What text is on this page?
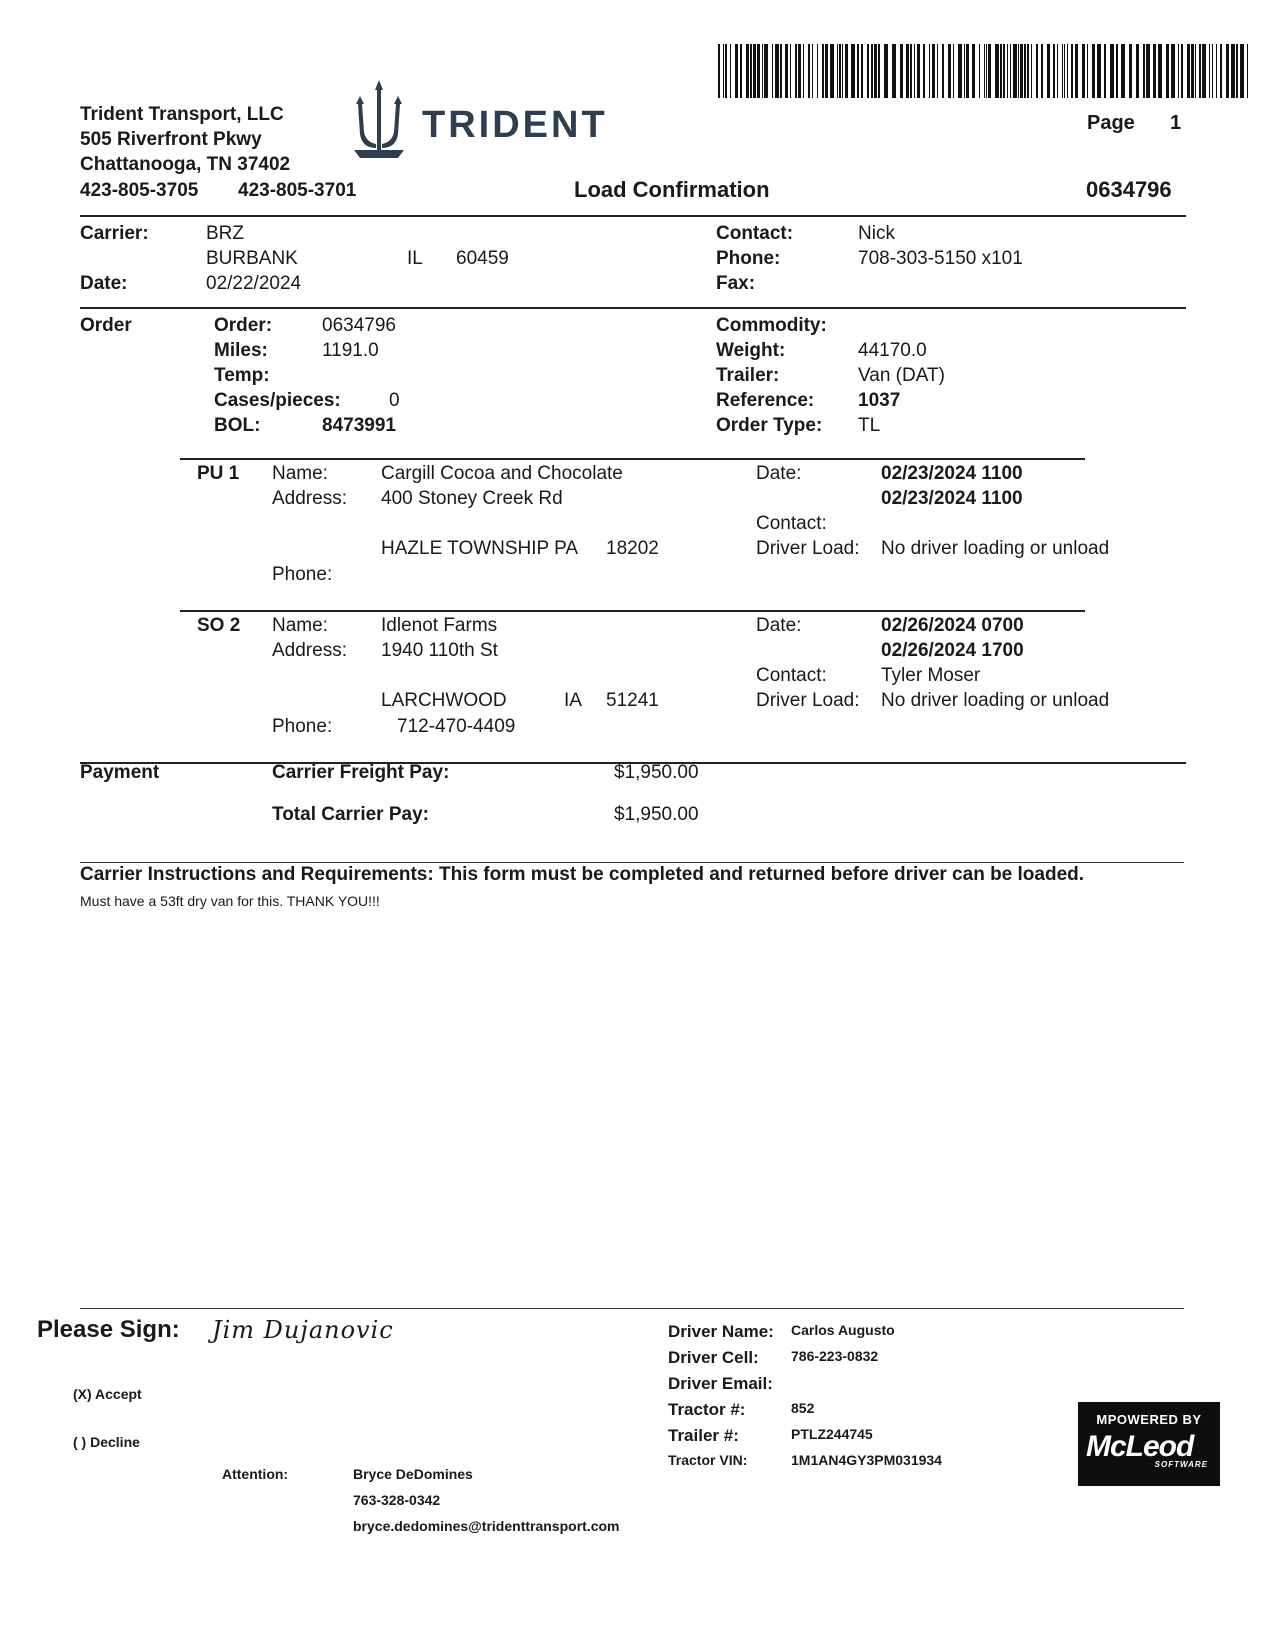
Trident Transport, LLC
505 Riverfront Pkwy
Chattanooga, TN 37402
423-805-3705 423-805-3701
TRIDENT	Page 1
Load Confirmation	0634796
Carrier:	BRZ
BURBANK	IL 60459
Date:	02/22/2024
Contact:	Nick
Phone:	708-303-5150 x101
Fax:
Order	Order:	0634796
Miles:	1191.0
Temp:
Cases/pieces:	0
BOL:	8473991
Commodity:
Weight:	44170.0
Trailer:	Van (DAT)
Reference: 1037
Order Type: TL
PU 1 Name:	Cargill Cocoa and Chocolate
Address: 400 Stoney Creek Rd
HAZLE TOWNSHIP PA 18202
Phone:
Date:	02/23/2024 1100
02/23/2024 1100
Contact:
Driver Load: No driver loading or unload
SO 2 Name:	Idlenot Farms
Address: 1940 110th St
LARCHWOOD	IA 51241
Phone:	712-470-4409
Date:	02/26/2024 0700
02/26/2024 1700
Contact:	Tyler Moser
Driver Load: No driver loading or unload
Payment	Carrier Freight Pay:	$1,950.00
Total Carrier Pay:	$1,950.00
Carrier Instructions and Requirements: This form must be completed and returned before driver can be loaded.
Must have a 53ft dry van for this. THANK YOU!!!
Please Sign: Jim Dujanovic
(X) Accept
( ) Decline
Attention:	Bryce DeDomines
763-328-0342
bryce.dedomines@tridenttransport.com
Driver Name: Carlos Augusto
Driver Cell: 786-223-0832
Driver Email:
Tractor #:	852
Trailer #:	PTLZ244745
Tractor VIN:	1M1AN4GY3PM031934
MPOWERED BY
McLeod
SOFTWARE
